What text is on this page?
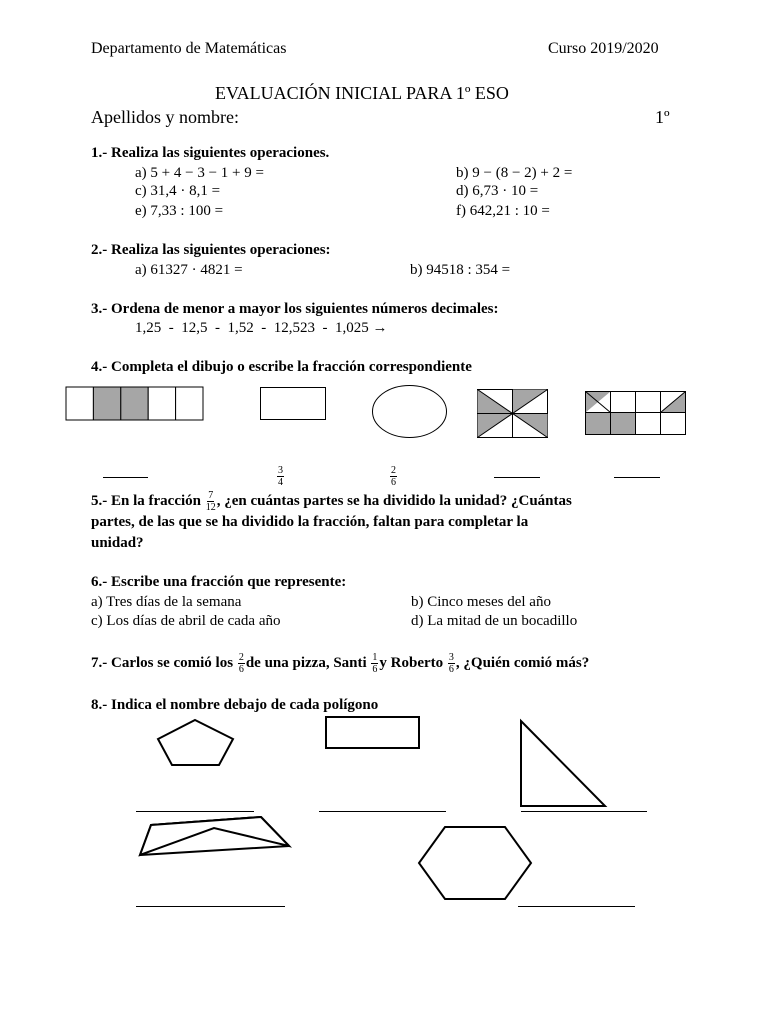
Departamento de Matemáticas	Curso 2019/2020
EVALUACIÓN INICIAL PARA 1º ESO
Apellidos y nombre:	1º
1.- Realiza las siguientes operaciones.
a) 5 + 4 − 3 − 1 + 9 =	b) 9 − (8 − 2) + 2 =
c) 31,4 · 8,1 =	d) 6,73 · 10 =
e) 7,33 : 100 =	f) 642,21 : 10 =
2.- Realiza las siguientes operaciones:
a) 61327 · 4821 =	b) 94518 : 354 =
3.- Ordena de menor a mayor los siguientes números decimales:
1,25  -  12,5  -  1,52  -  12,523  -  1,025 →
4.- Completa el dibujo o escribe la fracción correspondiente
$\frac{3}{4}$	$\frac{2}{6}$
5.- En la fracción $\frac{7}{12}$ , ¿en cuántas partes se ha dividido la unidad? ¿Cuántas
partes, de las que se ha dividido la fracción, faltan para completar la
unidad?
6.- Escribe una fracción que represente:
a) Tres días de la semana	b) Cinco meses del año
c) Los días de abril de cada año	d) La mitad de un bocadillo
7.- Carlos se comió los $\frac{2}{6}$ de una pizza, Santi $\frac{1}{6}$ y Roberto $\frac{3}{6}$ , ¿Quién comió más?
8.- Indica el nombre debajo de cada polígono
